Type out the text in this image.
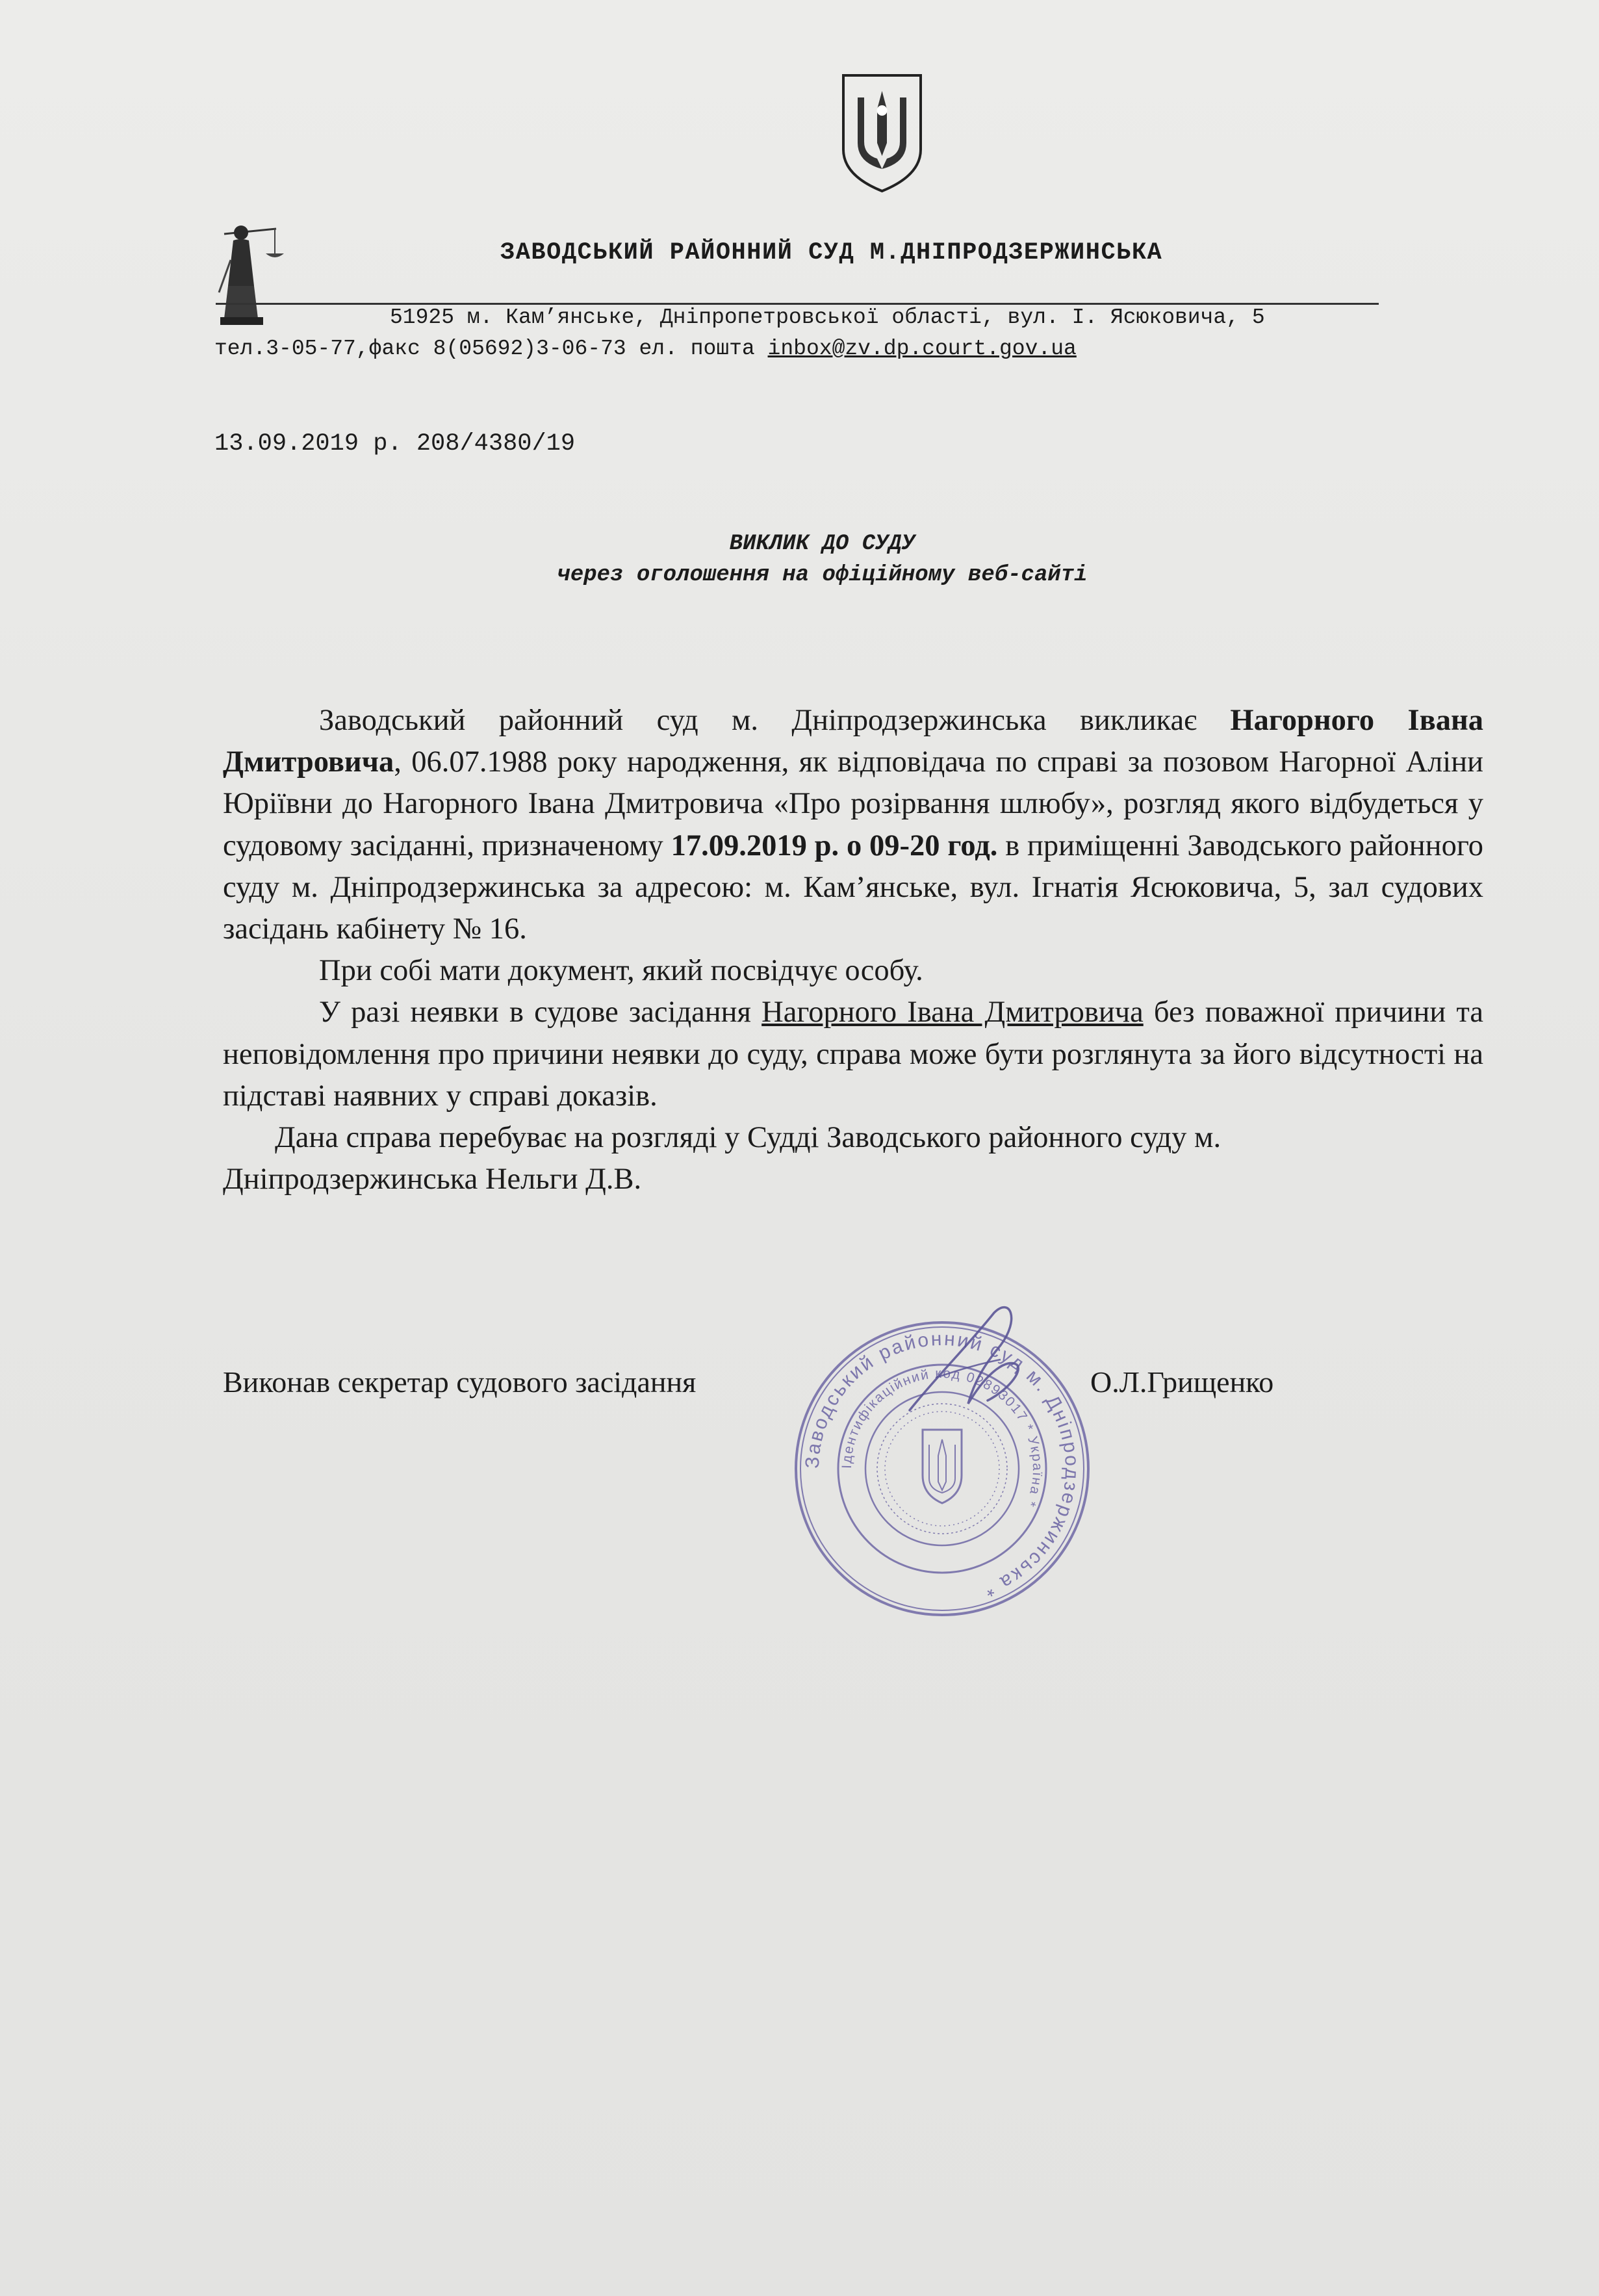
ЗАВОДСЬКИЙ РАЙОННИЙ СУД М.ДНІПРОДЗЕРЖИНСЬКА
51925 м. Кам’янське, Дніпропетровської області, вул. І. Ясюковича, 5
тел.3-05-77,факс 8(05692)3-06-73 ел. пошта inbox@zv.dp.court.gov.ua
13.09.2019 р. 208/4380/19
ВИКЛИК ДО СУДУ
через оголошення на офіційному веб-сайті

Заводський районний суд м. Дніпродзержинська викликає Нагорного Івана Дмитровича, 06.07.1988 року народження, як відповідача по справі за позовом Нагорної Аліни Юріївни до Нагорного Івана Дмитровича «Про розірвання шлюбу», розгляд якого відбудеться у судовому засіданні, призначеному 17.09.2019 р. о 09-20 год. в приміщенні Заводського районного суду м. Дніпродзержинська за адресою: м. Кам’янське, вул. Ігнатія Ясюковича, 5, зал судових засідань кабінету № 16.

При собі мати документ, який посвідчує особу.

У разі неявки в судове засідання Нагорного Івана Дмитровича без поважної причини та неповідомлення про причини неявки до суду, справа може бути розглянута за його відсутності на підставі наявних у справі доказів.

Дана справа перебуває на розгляді у Судді Заводського районного суду м. Дніпродзержинська Нельги Д.В.

Виконав секретар судового засідання	О.Л.Грищенко
Заводський районний суд м. Дніпродзержинська *
Ідентифікаційний код 02893017 * Україна *
